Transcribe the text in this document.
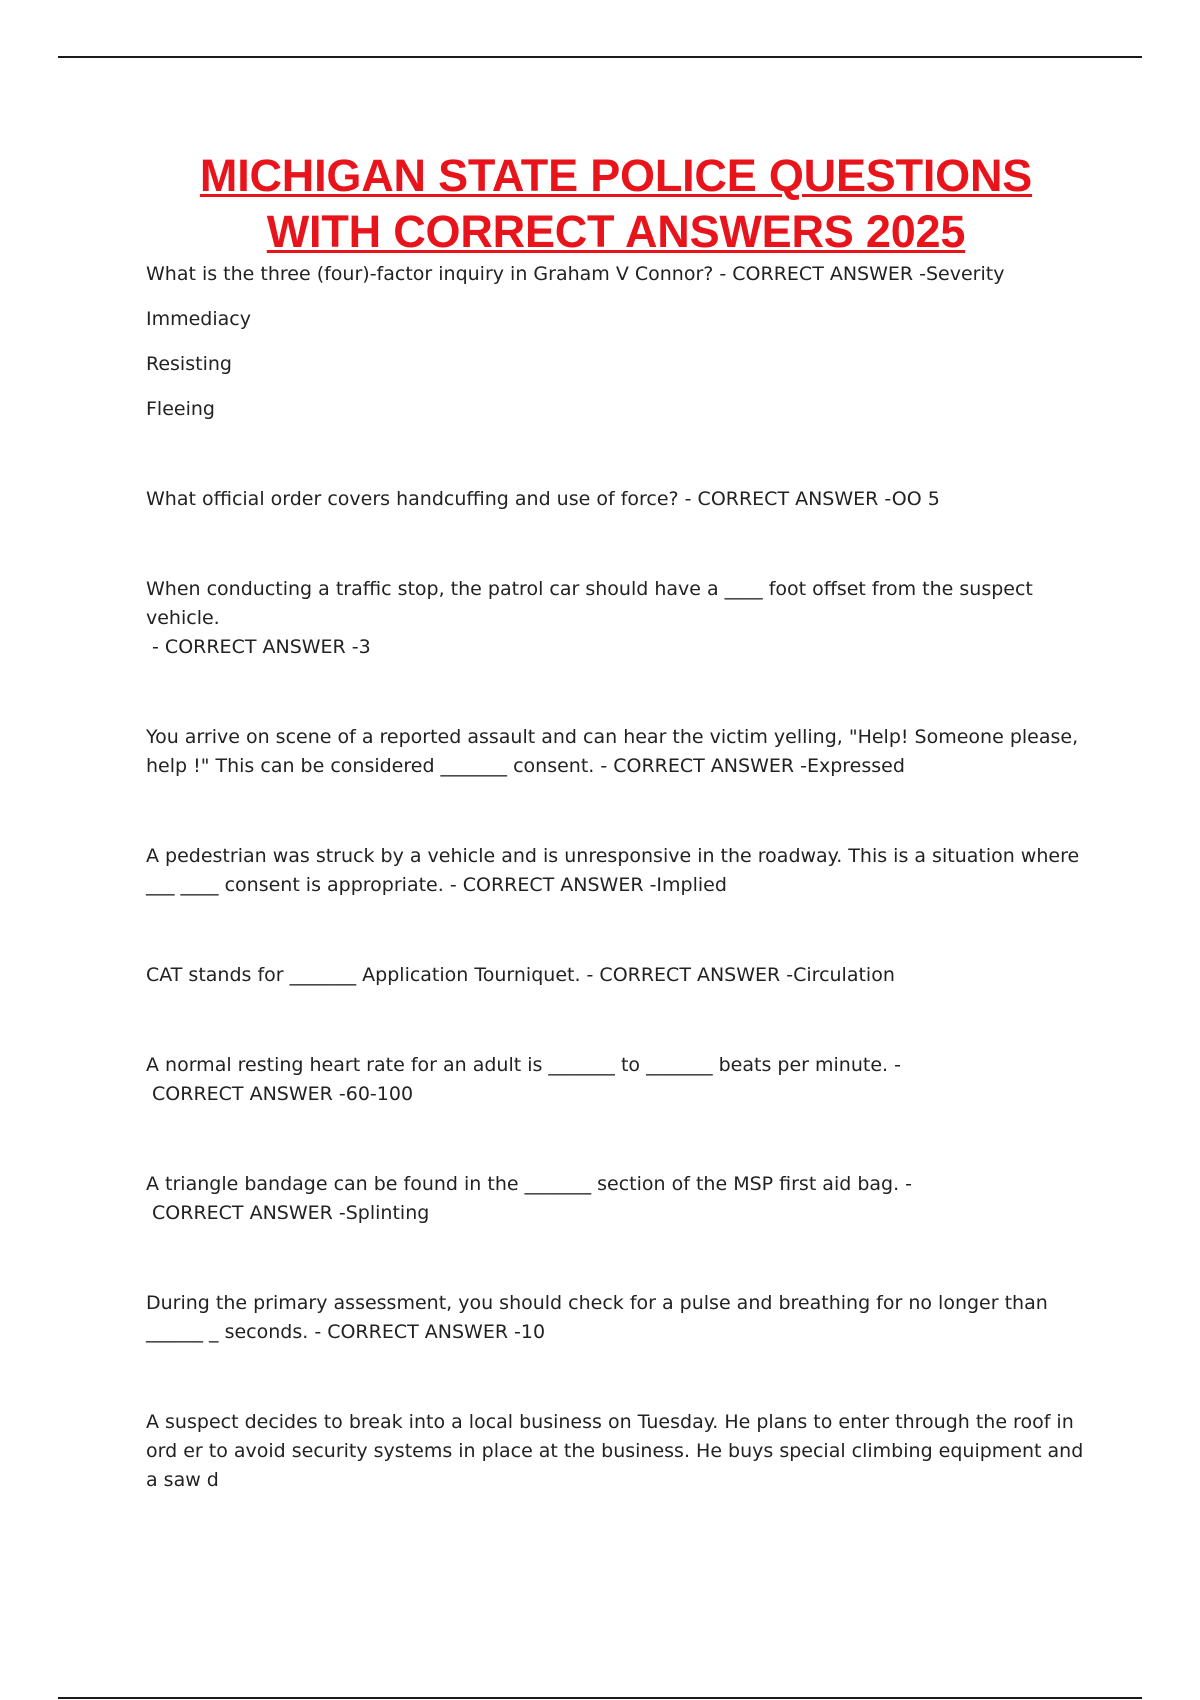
MICHIGAN STATE POLICE QUESTIONS WITH CORRECT ANSWERS 2025

What is the three (four)-factor inquiry in Graham V Connor? - CORRECT ANSWER -Severity

Immediacy

Resisting

Fleeing

What official order covers handcuffing and use of force? - CORRECT ANSWER -OO 5

When conducting a traffic stop, the patrol car should have a ____ foot offset from the suspect vehicle.

- CORRECT ANSWER -3

You arrive on scene of a reported assault and can hear the victim yelling, "Help! Someone please, help !" This can be considered _______ consent. - CORRECT ANSWER -Expressed

A pedestrian was struck by a vehicle and is unresponsive in the roadway. This is a situation where ___ ____ consent is appropriate. - CORRECT ANSWER -Implied

CAT stands for _______ Application Tourniquet. - CORRECT ANSWER -Circulation

A normal resting heart rate for an adult is _______ to _______ beats per minute. -

CORRECT ANSWER -60-100

A triangle bandage can be found in the _______ section of the MSP first aid bag. -

CORRECT ANSWER -Splinting

During the primary assessment, you should check for a pulse and breathing for no longer than ______ _ seconds. - CORRECT ANSWER -10

A suspect decides to break into a local business on Tuesday. He plans to enter through the roof in ord er to avoid security systems in place at the business. He buys special climbing equipment and a saw d
